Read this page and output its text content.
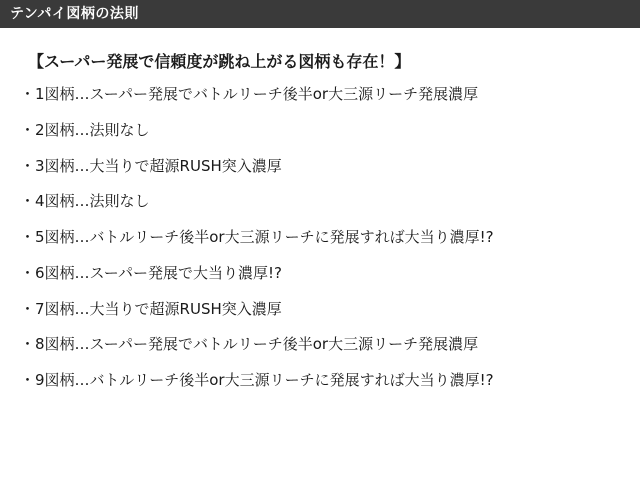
テンパイ図柄の法則
【スーパー発展で信頼度が跳ね上がる図柄も存在！】
・1図柄…スーパー発展でバトルリーチ後半or大三源リーチ発展濃厚
・2図柄…法則なし
・3図柄…大当りで超源RUSH突入濃厚
・4図柄…法則なし
・5図柄…バトルリーチ後半or大三源リーチに発展すれば大当り濃厚!?
・6図柄…スーパー発展で大当り濃厚!?
・7図柄…大当りで超源RUSH突入濃厚
・8図柄…スーパー発展でバトルリーチ後半or大三源リーチ発展濃厚
・9図柄…バトルリーチ後半or大三源リーチに発展すれば大当り濃厚!?
